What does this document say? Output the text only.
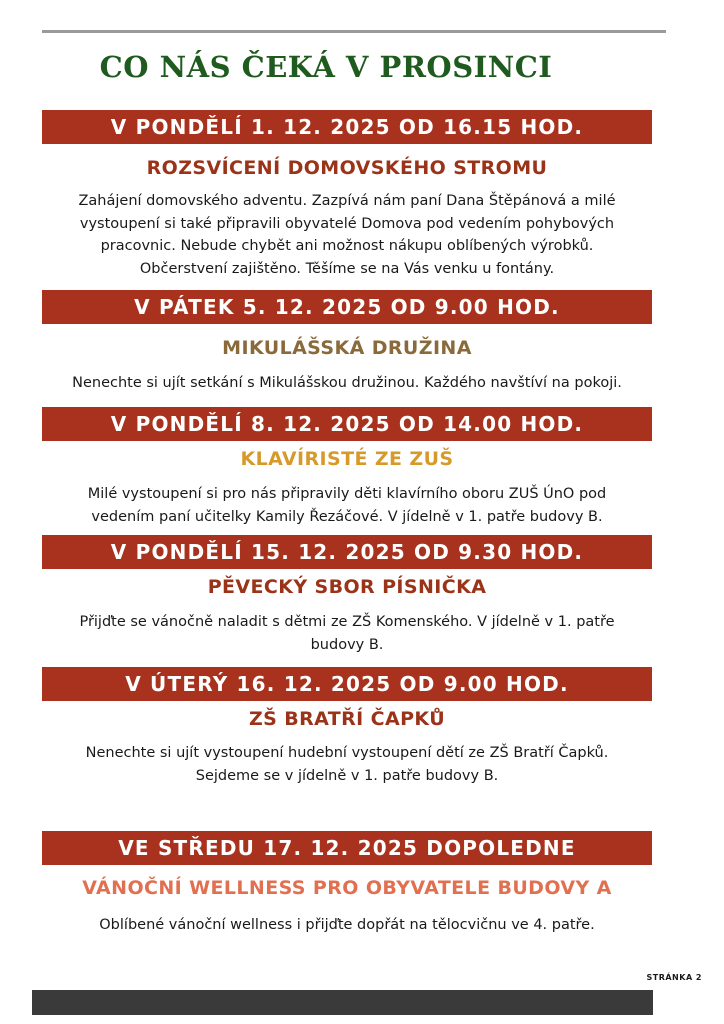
CO NÁS ČEKÁ V PROSINCI
V PONDĚLÍ 1. 12. 2025 OD 16.15 HOD.
ROZSVÍCENÍ DOMOVSKÉHO STROMU
Zahájení domovského adventu. Zazpívá nám paní Dana Štěpánová a milé
vystoupení si také připravili obyvatelé Domova pod vedením pohybových
pracovnic. Nebude chybět ani možnost nákupu oblíbených výrobků.
Občerstvení zajištěno. Těšíme se na Vás venku u fontány.
V PÁTEK 5. 12. 2025 OD 9.00 HOD.
MIKULÁŠSKÁ DRUŽINA
Nenechte si ujít setkání s Mikulášskou družinou. Každého navštíví na pokoji.
V PONDĚLÍ 8. 12. 2025 OD 14.00 HOD.
KLAVÍRISTÉ ZE ZUŠ
Milé vystoupení si pro nás připravily děti klavírního oboru ZUŠ ÚnO pod
vedením paní učitelky Kamily Řezáčové. V jídelně v 1. patře budovy B.
V PONDĚLÍ 15. 12. 2025 OD 9.30 HOD.
PĚVECKÝ SBOR PÍSNIČKA
Přijďte se vánočně naladit s dětmi ze ZŠ Komenského. V jídelně v 1. patře
budovy B.
V ÚTERÝ 16. 12. 2025 OD 9.00 HOD.
ZŠ BRATŘÍ ČAPKŮ
Nenechte si ujít vystoupení hudební vystoupení dětí ze ZŠ Bratří Čapků.
Sejdeme se v jídelně v 1. patře budovy B.
VE STŘEDU 17. 12. 2025 DOPOLEDNE
VÁNOČNÍ WELLNESS PRO OBYVATELE BUDOVY A
Oblíbené vánoční wellness i přijďte dopřát na tělocvičnu ve 4. patře.
STRÁNKA 2
